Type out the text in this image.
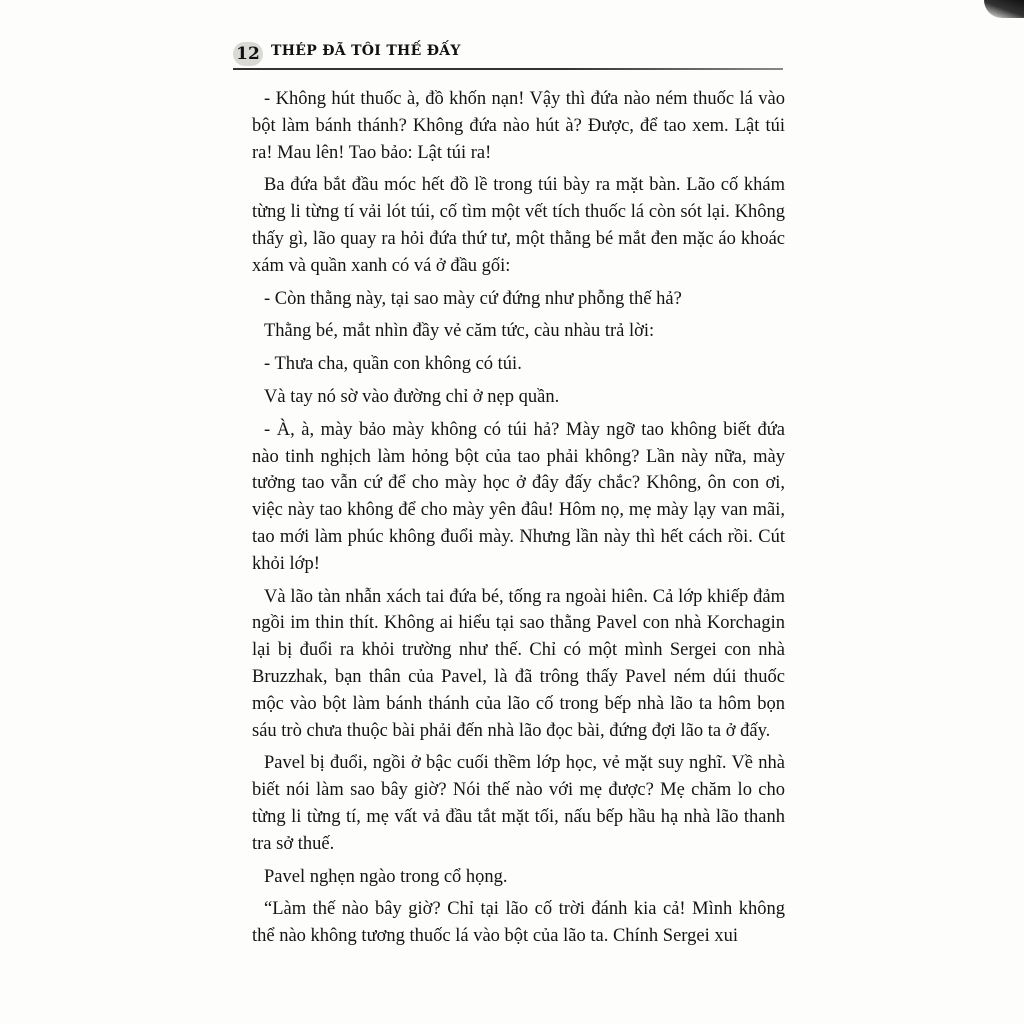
12 THÉP ĐÃ TÔI THẾ ĐẤY

- Không hút thuốc à, đồ khốn nạn! Vậy thì đứa nào ném thuốc lá vào bột làm bánh thánh? Không đứa nào hút à? Được, để tao xem. Lật túi ra! Mau lên! Tao bảo: Lật túi ra!

Ba đứa bắt đầu móc hết đồ lề trong túi bày ra mặt bàn. Lão cố khám từng li từng tí vải lót túi, cố tìm một vết tích thuốc lá còn sót lại. Không thấy gì, lão quay ra hỏi đứa thứ tư, một thằng bé mắt đen mặc áo khoác xám và quần xanh có vá ở đầu gối:

- Còn thằng này, tại sao mày cứ đứng như phỗng thế hả?

Thằng bé, mắt nhìn đầy vẻ căm tức, càu nhàu trả lời:

- Thưa cha, quần con không có túi.

Và tay nó sờ vào đường chỉ ở nẹp quần.

- À, à, mày bảo mày không có túi hả? Mày ngỡ tao không biết đứa nào tinh nghịch làm hỏng bột của tao phải không? Lần này nữa, mày tưởng tao vẫn cứ để cho mày học ở đây đấy chắc? Không, ôn con ơi, việc này tao không để cho mày yên đâu! Hôm nọ, mẹ mày lạy van mãi, tao mới làm phúc không đuổi mày. Nhưng lần này thì hết cách rồi. Cút khỏi lớp!

Và lão tàn nhẫn xách tai đứa bé, tống ra ngoài hiên. Cả lớp khiếp đảm ngồi im thin thít. Không ai hiểu tại sao thằng Pavel con nhà Korchagin lại bị đuổi ra khỏi trường như thế. Chỉ có một mình Sergei con nhà Bruzzhak, bạn thân của Pavel, là đã trông thấy Pavel ném dúi thuốc mộc vào bột làm bánh thánh của lão cố trong bếp nhà lão ta hôm bọn sáu trò chưa thuộc bài phải đến nhà lão đọc bài, đứng đợi lão ta ở đấy.

Pavel bị đuổi, ngồi ở bậc cuối thềm lớp học, vẻ mặt suy nghĩ. Về nhà biết nói làm sao bây giờ? Nói thế nào với mẹ được? Mẹ chăm lo cho từng li từng tí, mẹ vất vả đầu tắt mặt tối, nấu bếp hầu hạ nhà lão thanh tra sở thuế.

Pavel nghẹn ngào trong cổ họng.

“Làm thế nào bây giờ? Chỉ tại lão cố trời đánh kia cả! Mình không thể nào không tương thuốc lá vào bột của lão ta. Chính Sergei xui
